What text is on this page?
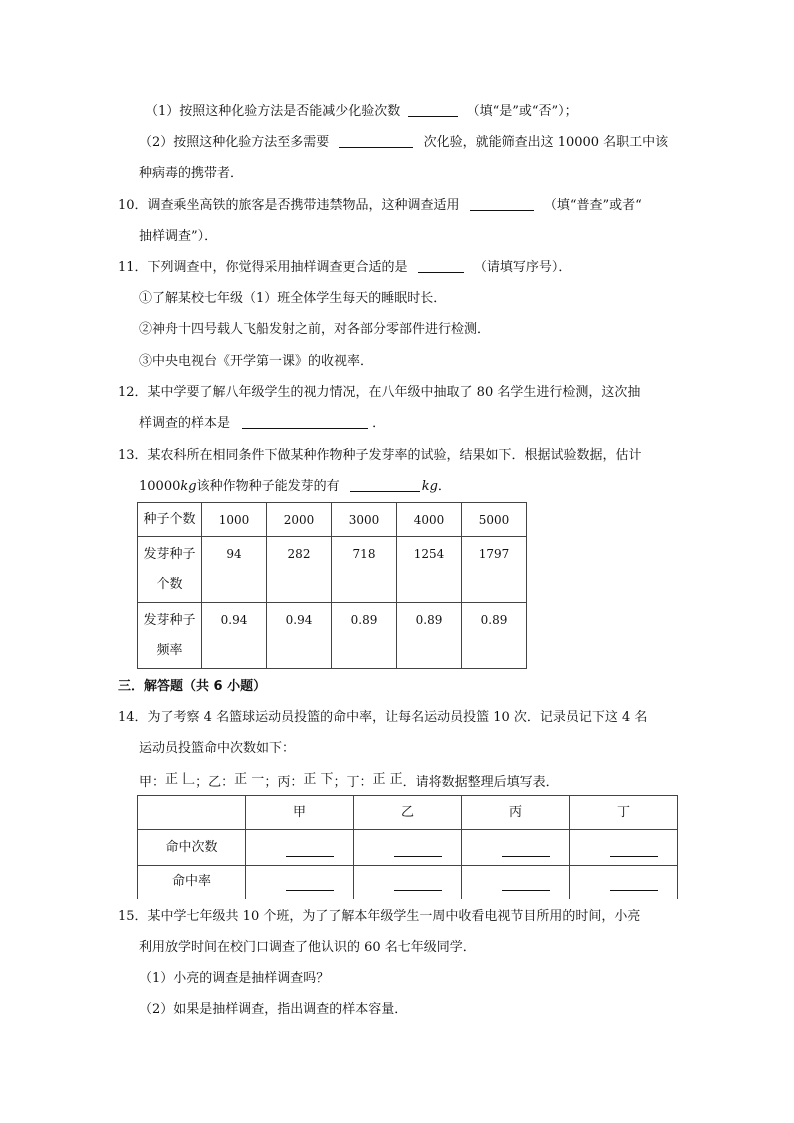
（1）按照这种化验方法是否能减少化验次数	（填“是”或“否”）；
（2）按照这种化验方法至多需要	次化验，就能筛查出这 10000 名职工中该
种病毒的携带者．
10．调查乘坐高铁的旅客是否携带违禁物品，这种调查适用	（填“普查”或者“
抽样调查”）．
11．下列调查中，你觉得采用抽样调查更合适的是	（请填写序号）．
①了解某校七年级（1）班全体学生每天的睡眠时长．
②神舟十四号载人飞船发射之前，对各部分零部件进行检测．
③中央电视台《开学第一课》的收视率．
12．某中学要了解八年级学生的视力情况，在八年级中抽取了 80 名学生进行检测，这次抽
样调查的样本是	．
13．某农科所在相同条件下做某种作物种子发芽率的试验，结果如下．根据试验数据，估计
10000kg该种作物种子能发芽的有	kg．
种子个数	1000	2000	3000	4000	5000

发芽种子
个数	94	282	718	1254	1797

发芽种子
频率	0.94	0.94	0.89	0.89	0.89
三．解答题（共 6 小题）
14．为了考察 4 名篮球运动员投篮的命中率，让每名运动员投篮 10 次．记录员记下这 4 名
运动员投篮命中次数如下：
甲：正 𠃊；乙：正 一；丙：正 下；丁：正 正．请将数据整理后填写表．
	甲	乙	丙	丁
命中次数				
命中率				
15．某中学七年级共 10 个班，为了了解本年级学生一周中收看电视节目所用的时间，小亮
利用放学时间在校门口调查了他认识的 60 名七年级同学．
（1）小亮的调查是抽样调查吗？
（2）如果是抽样调查，指出调查的样本容量．
